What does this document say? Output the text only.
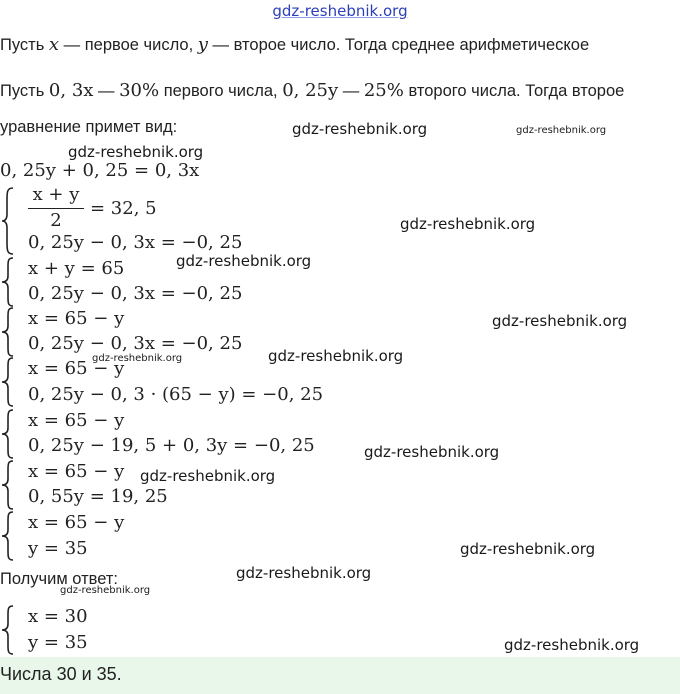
gdz-reshebnik.org
Пусть x — первое число, y — второе число. Тогда среднее арифметическое
Пусть 0, 3x — 30% первого числа, 0, 25y — 25% второго числа. Тогда второе
уравнение примет вид:
0, 25y + 0, 25 = 0, 3x
x + y
2
= 32, 5
0, 25y − 0, 3x = −0, 25
x + y = 65
0, 25y − 0, 3x = −0, 25
x = 65 − y
0, 25y − 0, 3x = −0, 25
x = 65 − y
0, 25y − 0, 3 · (65 − y) = −0, 25
x = 65 − y
0, 25y − 19, 5 + 0, 3y = −0, 25
x = 65 − y
0, 55y = 19, 25
x = 65 − y
y = 35
Получим ответ:
x = 30
y = 35
Числа 30 и 35.
gdz-reshebnik.org	gdz-reshebnik.org
gdz-reshebnik.org
gdz-reshebnik.org
gdz-reshebnik.org
gdz-reshebnik.org
gdz-reshebnik.org	gdz-reshebnik.org
gdz-reshebnik.org
gdz-reshebnik.org
gdz-reshebnik.org
gdz-reshebnik.org
gdz-reshebnik.org
gdz-reshebnik.org
